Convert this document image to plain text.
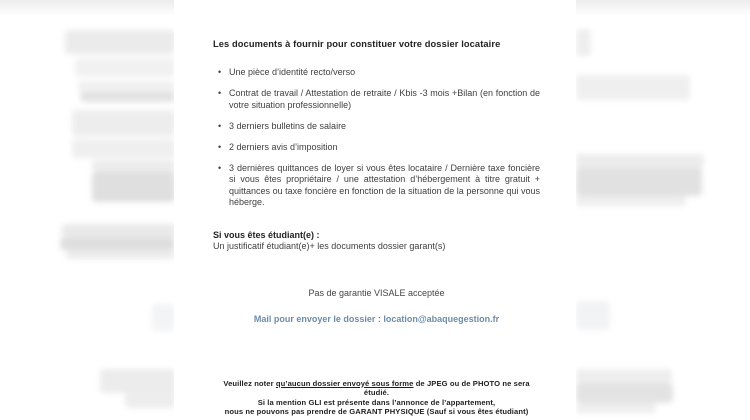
Les documents à fournir pour constituer votre dossier locataire
• Une pièce d’identité recto/verso
• Contrat de travail / Attestation de retraite / Kbis -3 mois +Bilan (en fonction de votre situation professionnelle)
• 3 derniers bulletins de salaire
• 2 derniers avis d’imposition
• 3 dernières quittances de loyer si vous êtes locataire / Dernière taxe foncière si vous êtes propriétaire / une attestation d’hébergement à titre gratuit + quittances ou taxe foncière en fonction de la situation de la personne qui vous héberge.

Si vous êtes étudiant(e) :

Un justificatif étudiant(e)+ les documents dossier garant(s)

Pas de garantie VISALE acceptée

Mail pour envoyer le dossier : location@abaquegestion.fr

Veuillez noter qu’aucun dossier envoyé sous forme de JPEG ou de PHOTO ne sera étudié.

Si la mention GLI est présente dans l’annonce de l’appartement,

nous ne pouvons pas prendre de GARANT PHYSIQUE (Sauf si vous êtes étudiant)
